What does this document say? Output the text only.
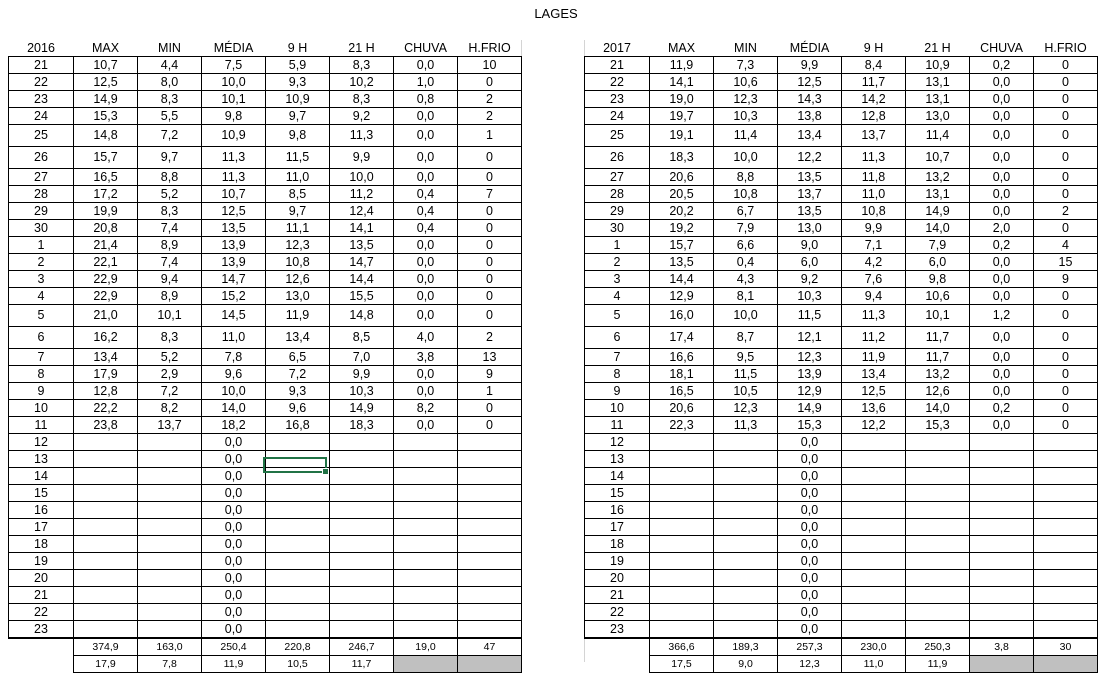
LAGES
2016	MAX	MIN	MÉDIA	9 H	21 H	CHUVA	H.FRIO
21	10,7	4,4	7,5	5,9	8,3	0,0	10
22	12,5	8,0	10,0	9,3	10,2	1,0	0
23	14,9	8,3	10,1	10,9	8,3	0,8	2
24	15,3	5,5	9,8	9,7	9,2	0,0	2
25	14,8	7,2	10,9	9,8	11,3	0,0	1
26	15,7	9,7	11,3	11,5	9,9	0,0	0
27	16,5	8,8	11,3	11,0	10,0	0,0	0
28	17,2	5,2	10,7	8,5	11,2	0,4	7
29	19,9	8,3	12,5	9,7	12,4	0,4	0
30	20,8	7,4	13,5	11,1	14,1	0,4	0
1	21,4	8,9	13,9	12,3	13,5	0,0	0
2	22,1	7,4	13,9	10,8	14,7	0,0	0
3	22,9	9,4	14,7	12,6	14,4	0,0	0
4	22,9	8,9	15,2	13,0	15,5	0,0	0
5	21,0	10,1	14,5	11,9	14,8	0,0	0
6	16,2	8,3	11,0	13,4	8,5	4,0	2
7	13,4	5,2	7,8	6,5	7,0	3,8	13
8	17,9	2,9	9,6	7,2	9,9	0,0	9
9	12,8	7,2	10,0	9,3	10,3	0,0	1
10	22,2	8,2	14,0	9,6	14,9	8,2	0
11	23,8	13,7	18,2	16,8	18,3	0,0	0
12			0,0				
13			0,0				
14			0,0				
15			0,0				
16			0,0				
17			0,0				
18			0,0				
19			0,0				
20			0,0				
21			0,0				
22			0,0				
23			0,0				
	374,9	163,0	250,4	220,8	246,7	19,0	47
	17,9	7,8	11,9	10,5	11,7		
2017	MAX	MIN	MÉDIA	9 H	21 H	CHUVA	H.FRIO
21	11,9	7,3	9,9	8,4	10,9	0,2	0
22	14,1	10,6	12,5	11,7	13,1	0,0	0
23	19,0	12,3	14,3	14,2	13,1	0,0	0
24	19,7	10,3	13,8	12,8	13,0	0,0	0
25	19,1	11,4	13,4	13,7	11,4	0,0	0
26	18,3	10,0	12,2	11,3	10,7	0,0	0
27	20,6	8,8	13,5	11,8	13,2	0,0	0
28	20,5	10,8	13,7	11,0	13,1	0,0	0
29	20,2	6,7	13,5	10,8	14,9	0,0	2
30	19,2	7,9	13,0	9,9	14,0	2,0	0
1	15,7	6,6	9,0	7,1	7,9	0,2	4
2	13,5	0,4	6,0	4,2	6,0	0,0	15
3	14,4	4,3	9,2	7,6	9,8	0,0	9
4	12,9	8,1	10,3	9,4	10,6	0,0	0
5	16,0	10,0	11,5	11,3	10,1	1,2	0
6	17,4	8,7	12,1	11,2	11,7	0,0	0
7	16,6	9,5	12,3	11,9	11,7	0,0	0
8	18,1	11,5	13,9	13,4	13,2	0,0	0
9	16,5	10,5	12,9	12,5	12,6	0,0	0
10	20,6	12,3	14,9	13,6	14,0	0,2	0
11	22,3	11,3	15,3	12,2	15,3	0,0	0
12			0,0				
13			0,0				
14			0,0				
15			0,0				
16			0,0				
17			0,0				
18			0,0				
19			0,0				
20			0,0				
21			0,0				
22			0,0				
23			0,0				
	366,6	189,3	257,3	230,0	250,3	3,8	30
	17,5	9,0	12,3	11,0	11,9		
